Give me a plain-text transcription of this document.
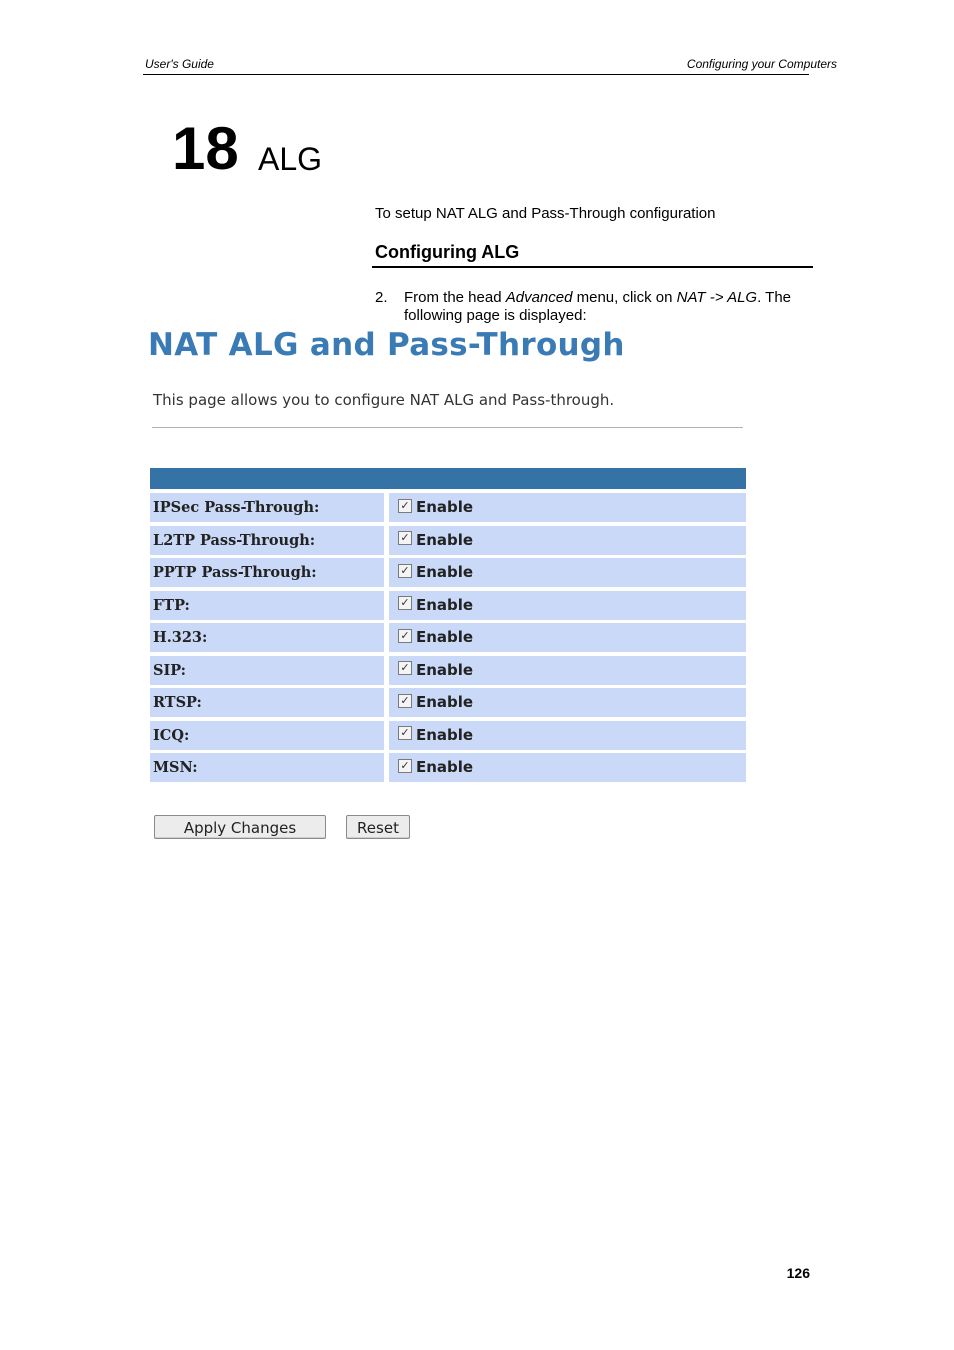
User's Guide	Configuring your Computers
18 ALG
To setup NAT ALG and Pass-Through configuration
Configuring ALG
2. From the head Advanced menu, click on NAT -> ALG. The following page is displayed:
NAT ALG and Pass-Through
This page allows you to configure NAT ALG and Pass-through.
IPSec Pass-Through:	✓ Enable
L2TP Pass-Through:	✓ Enable
PPTP Pass-Through:	✓ Enable
FTP:	✓ Enable
H.323:	✓ Enable
SIP:	✓ Enable
RTSP:	✓ Enable
ICQ:	✓ Enable
MSN:	✓ Enable
Apply Changes	Reset
126
